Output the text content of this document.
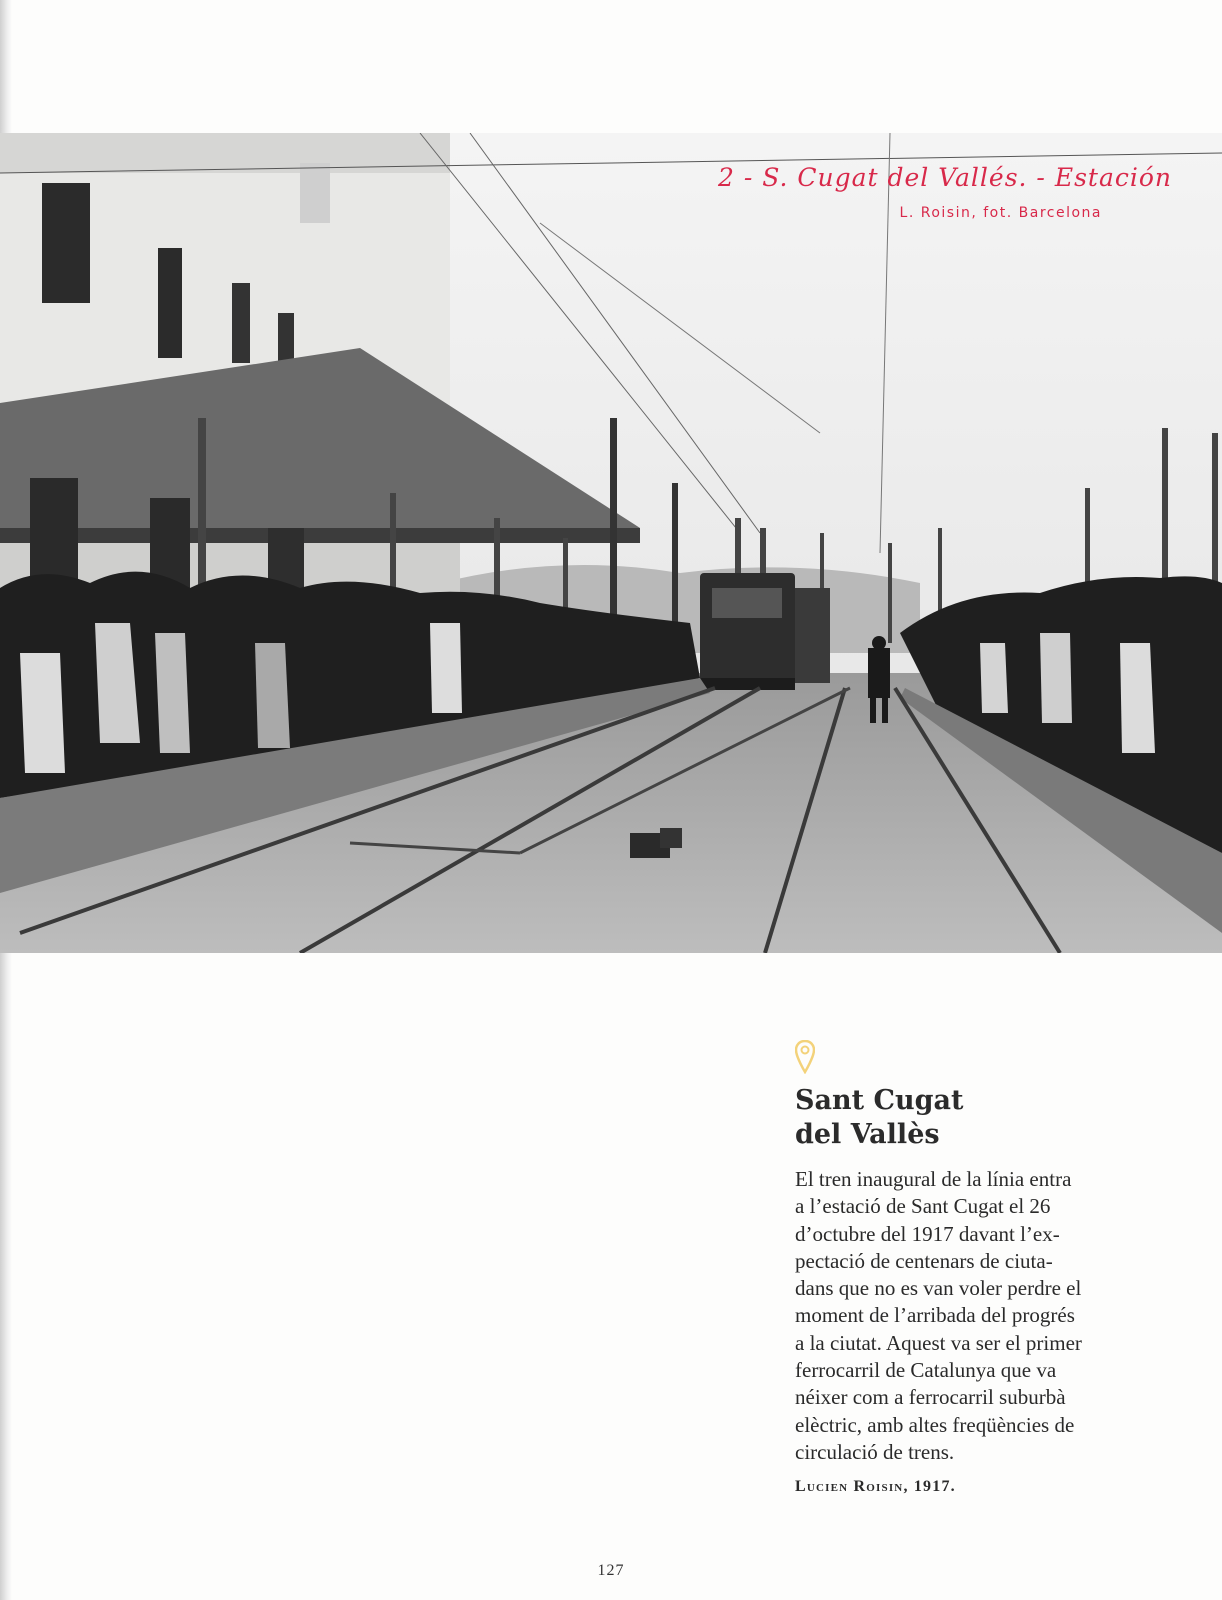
2 - S. Cugat del Vallés. - Estación
L. Roisin, fot. Barcelona
Sant Cugat
del Vallès

El tren inaugural de la línia entra
a l’estació de Sant Cugat el 26
d’octubre del 1917 davant l’ex-
pectació de centenars de ciuta-
dans que no es van voler perdre el
moment de l’arribada del progrés
a la ciutat. Aquest va ser el primer
ferrocarril de Catalunya que va
néixer com a ferrocarril suburbà
elèctric, amb altes freqüències de
circulació de trens.

Lucien Roisin, 1917.

127
